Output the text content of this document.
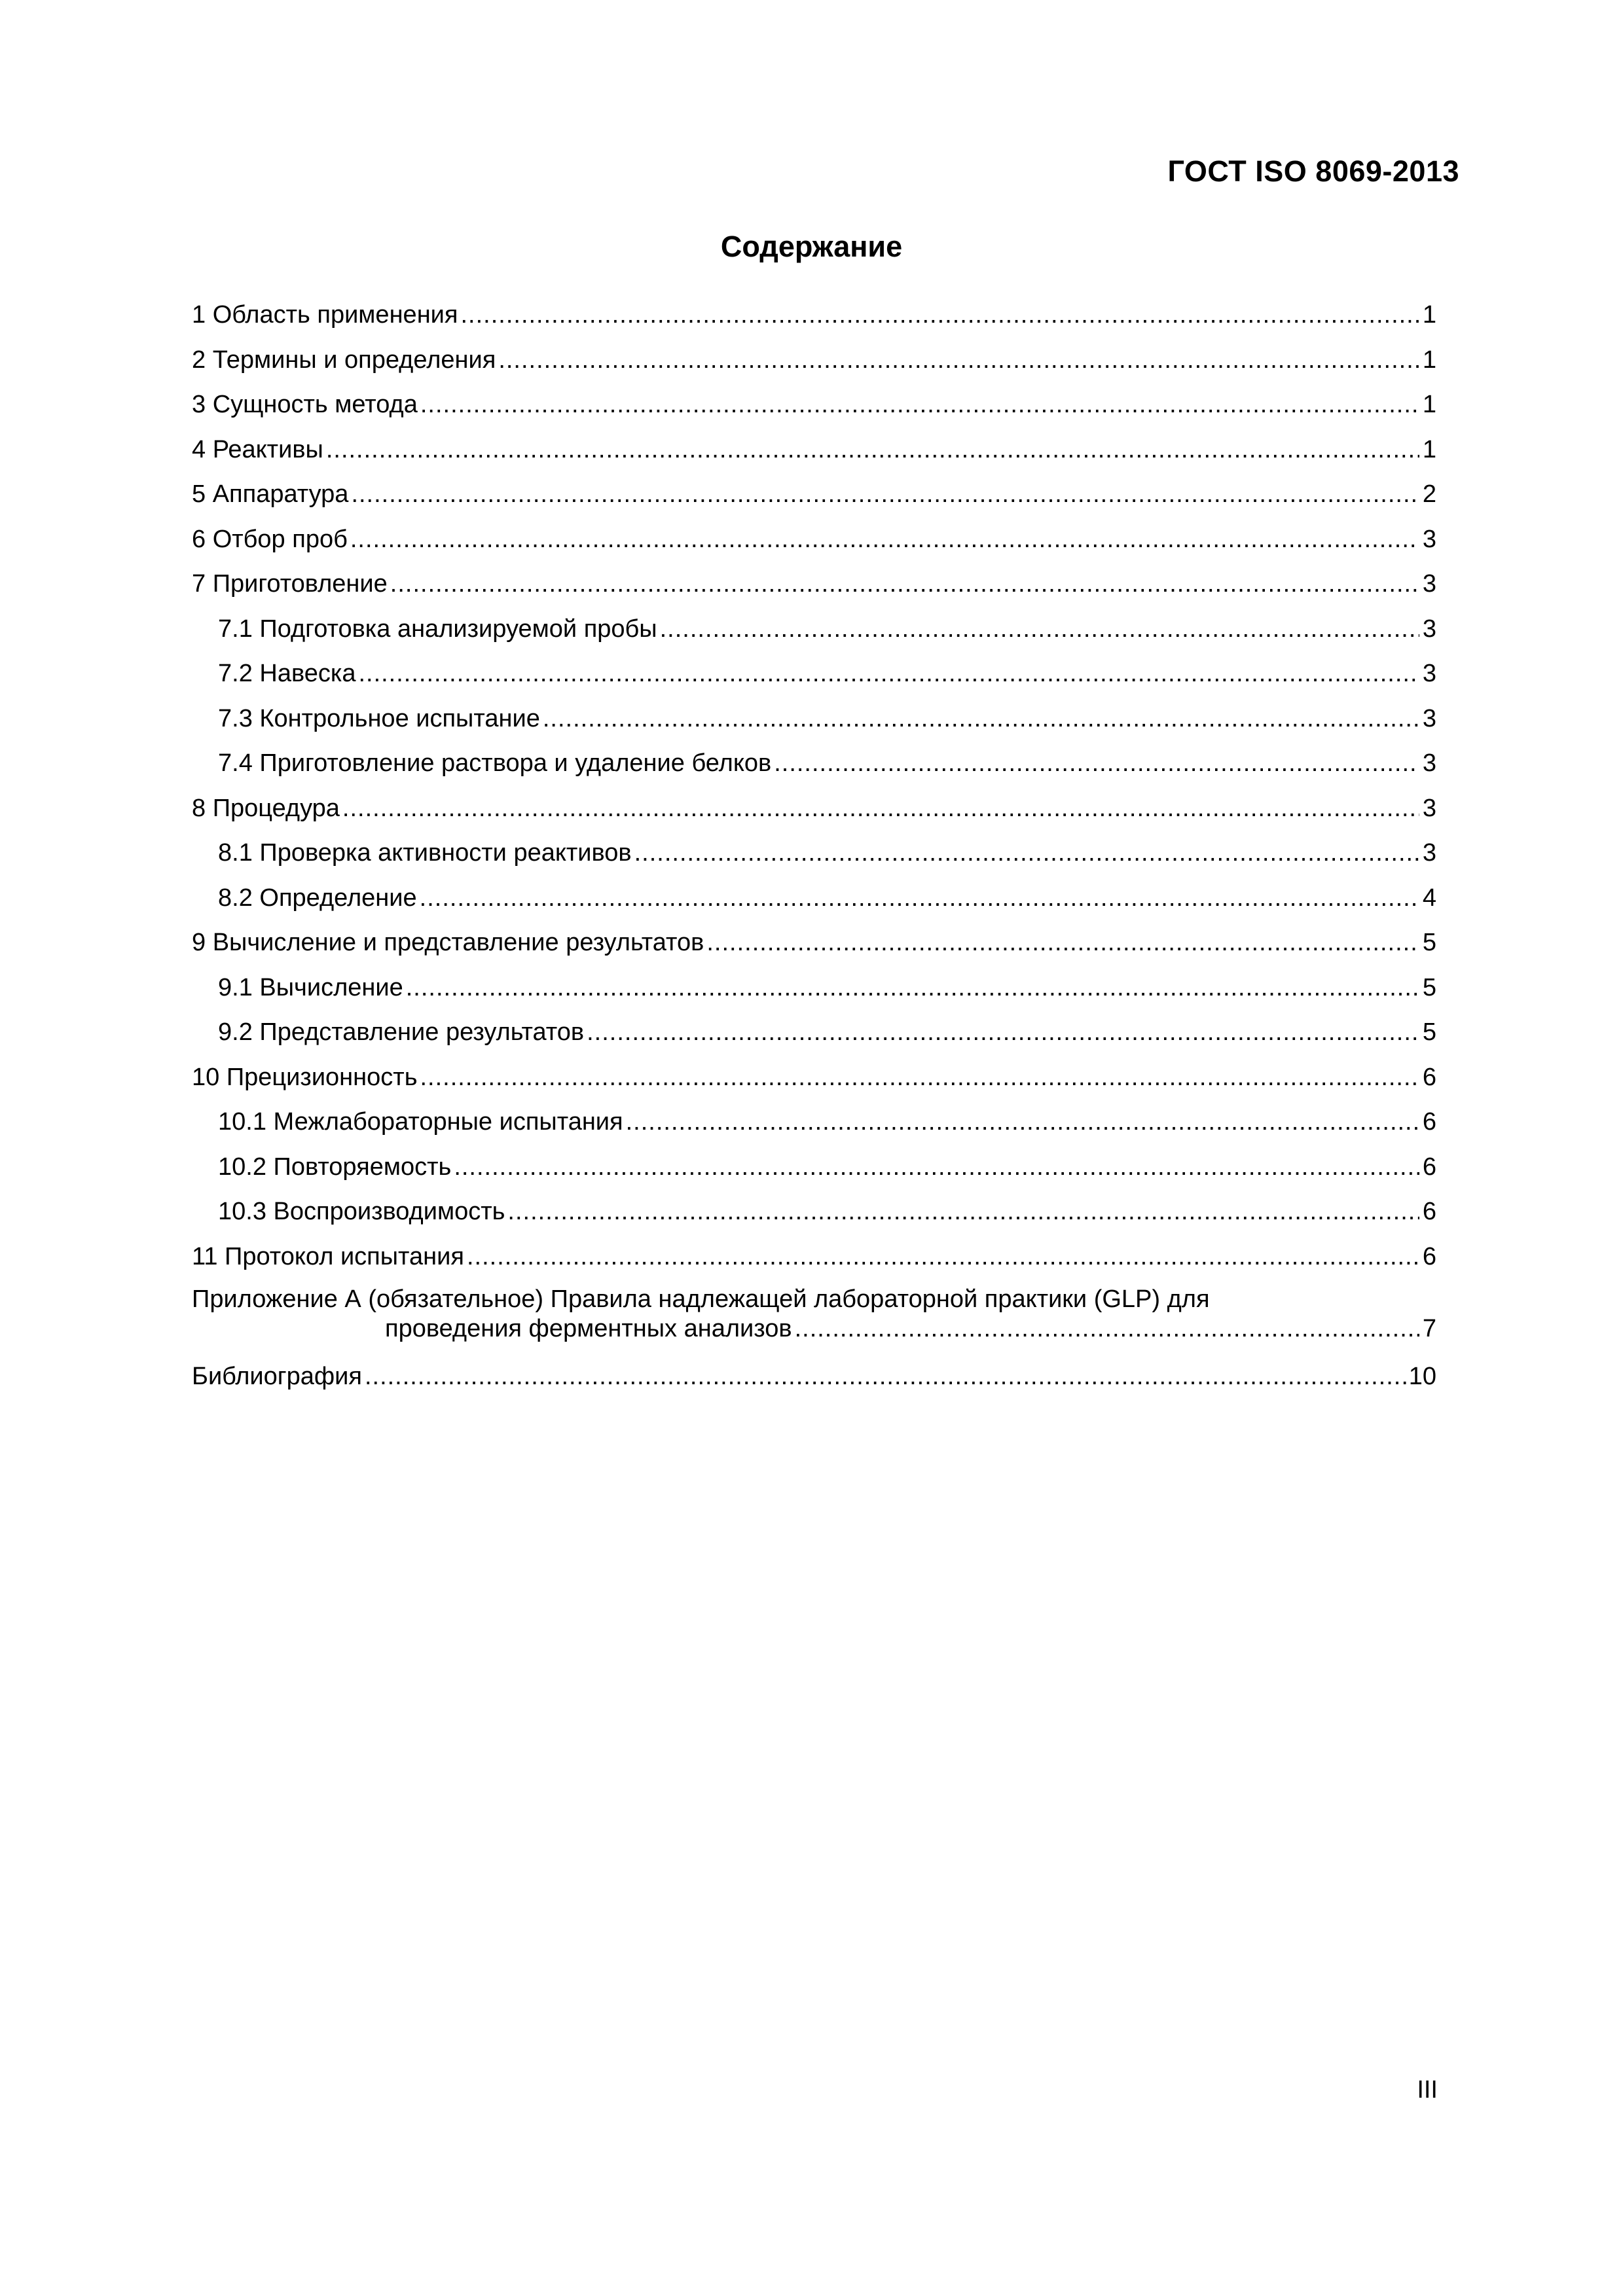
ГОСТ ISO 8069-2013
Содержание
1 Область применения .....	1
2 Термины и определения .....	1
3 Сущность метода .....	1
4 Реактивы .....	1
5 Аппаратура .....	2
6 Отбор проб .....	3
7 Приготовление .....	3
7.1 Подготовка анализируемой пробы .....	3
7.2 Навеска .....	3
7.3 Контрольное испытание .....	3
7.4 Приготовление раствора и удаление белков .....	3
8 Процедура .....	3
8.1 Проверка активности реактивов .....	3
8.2 Определение .....	4
9 Вычисление и представление результатов .....	5
9.1 Вычисление .....	5
9.2 Представление результатов .....	5
10 Прецизионность .....	6
10.1 Межлабораторные испытания .....	6
10.2 Повторяемость .....	6
10.3 Воспроизводимость .....	6
11 Протокол испытания .....	6
Приложение А (обязательное) Правила надлежащей лабораторной практики (GLP) для
проведения ферментных анализов .....	7
Библиография .....	10
III
